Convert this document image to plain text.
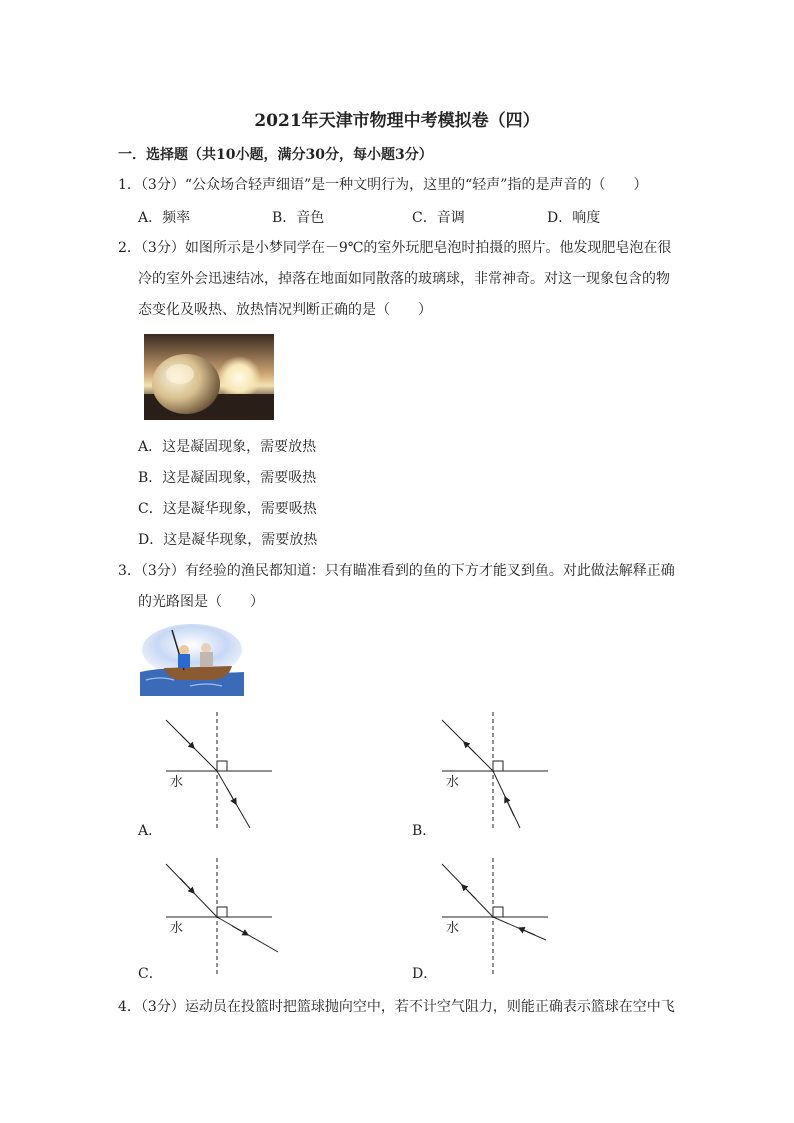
2021年天津市物理中考模拟卷（四）
一．选择题（共10小题，满分30分，每小题3分）
1．（3分）“公众场合轻声细语”是一种文明行为，这里的“轻声”指的是声音的（　　）
A．频率	B．音色	C．音调	D．响度
2．（3分）如图所示是小梦同学在－9℃的室外玩肥皂泡时拍摄的照片。他发现肥皂泡在很
冷的室外会迅速结冰，掉落在地面如同散落的玻璃球，非常神奇。对这一现象包含的物
态变化及吸热、放热情况判断正确的是（　　）
A．这是凝固现象，需要放热
B．这是凝固现象，需要吸热
C．这是凝华现象，需要吸热
D．这是凝华现象，需要放热
3．（3分）有经验的渔民都知道：只有瞄准看到的鱼的下方才能叉到鱼。对此做法解释正确
的光路图是（　　）
水	水
水	水
A．	B．
C．	D．
4．（3分）运动员在投篮时把篮球抛向空中，若不计空气阻力，则能正确表示篮球在空中飞
